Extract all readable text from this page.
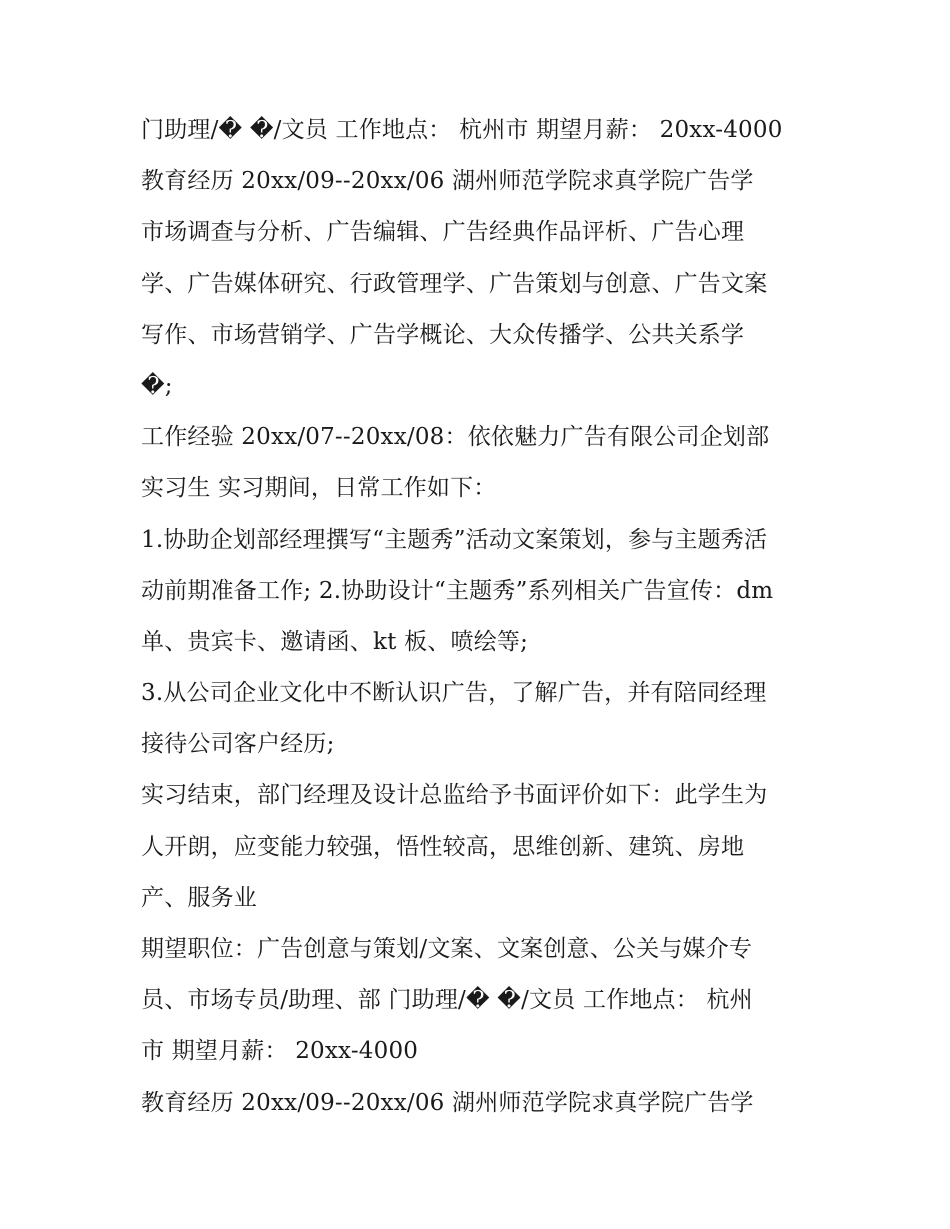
门助理/� �/文员 工作地点： 杭州市 期望月薪： 20xx-4000
教育经历 20xx/09--20xx/06 湖州师范学院求真学院广告学
市场调查与分析、广告编辑、广告经典作品评析、广告心理
学、广告媒体研究、行政管理学、广告策划与创意、广告文案
写作、市场营销学、广告学概论、大众传播学、公共关系学
�;
工作经验 20xx/07--20xx/08：依依魅力广告有限公司企划部
实习生 实习期间，日常工作如下：
1.协助企划部经理撰写“主题秀”活动文案策划，参与主题秀活
动前期准备工作; 2.协助设计“主题秀”系列相关广告宣传：dm
单、贵宾卡、邀请函、kt 板、喷绘等;
3.从公司企业文化中不断认识广告，了解广告，并有陪同经理
接待公司客户经历;
实习结束，部门经理及设计总监给予书面评价如下：此学生为
人开朗，应变能力较强，悟性较高，思维创新、建筑、房地
产、服务业
期望职位：广告创意与策划/文案、文案创意、公关与媒介专
员、市场专员/助理、部 门助理/� �/文员 工作地点： 杭州
市 期望月薪： 20xx-4000
教育经历 20xx/09--20xx/06 湖州师范学院求真学院广告学
